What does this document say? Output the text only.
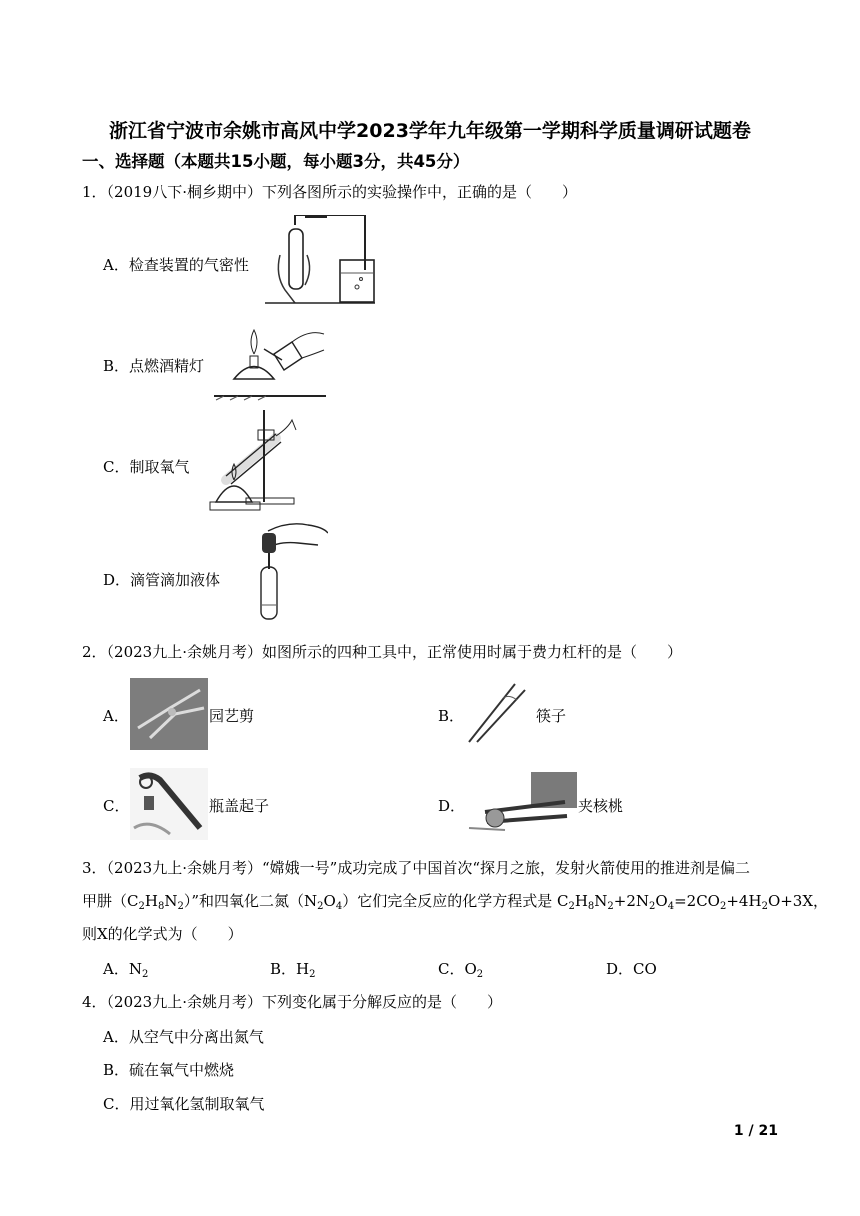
浙江省宁波市余姚市高风中学2023学年九年级第一学期科学质量调研试题卷
一、选择题（本题共15小题，每小题3分，共45分）
1．（2019八下·桐乡期中）下列各图所示的实验操作中，正确的是（　　）
A．检查装置的气密性
B．点燃酒精灯
C．制取氧气
D．滴管滴加液体
2．（2023九上·余姚月考）如图所示的四种工具中，正常使用时属于费力杠杆的是（　　）
A．	园艺剪	B．	筷子
C．	瓶盖起子	D．	夹核桃
3．（2023九上·余姚月考）“嫦娥一号”成功完成了中国首次“探月之旅，发射火箭使用的推进剂是偏二
甲肼$(C_2H_8N_2)$”和四氧化二氮$(N_2O_4)$它们完全反应的化学方程式是 $C_2H_8N_2+2N_2O_4=2CO_2+4H_2O+3X$，
则X的化学式为（　　）
A．$N_2$	B．$H_2$	C．$O_2$	D．CO
4．（2023九上·余姚月考）下列变化属于分解反应的是（　　）
A．从空气中分离出氮气
B．硫在氧气中燃烧
C．用过氧化氢制取氧气
1 / 21
